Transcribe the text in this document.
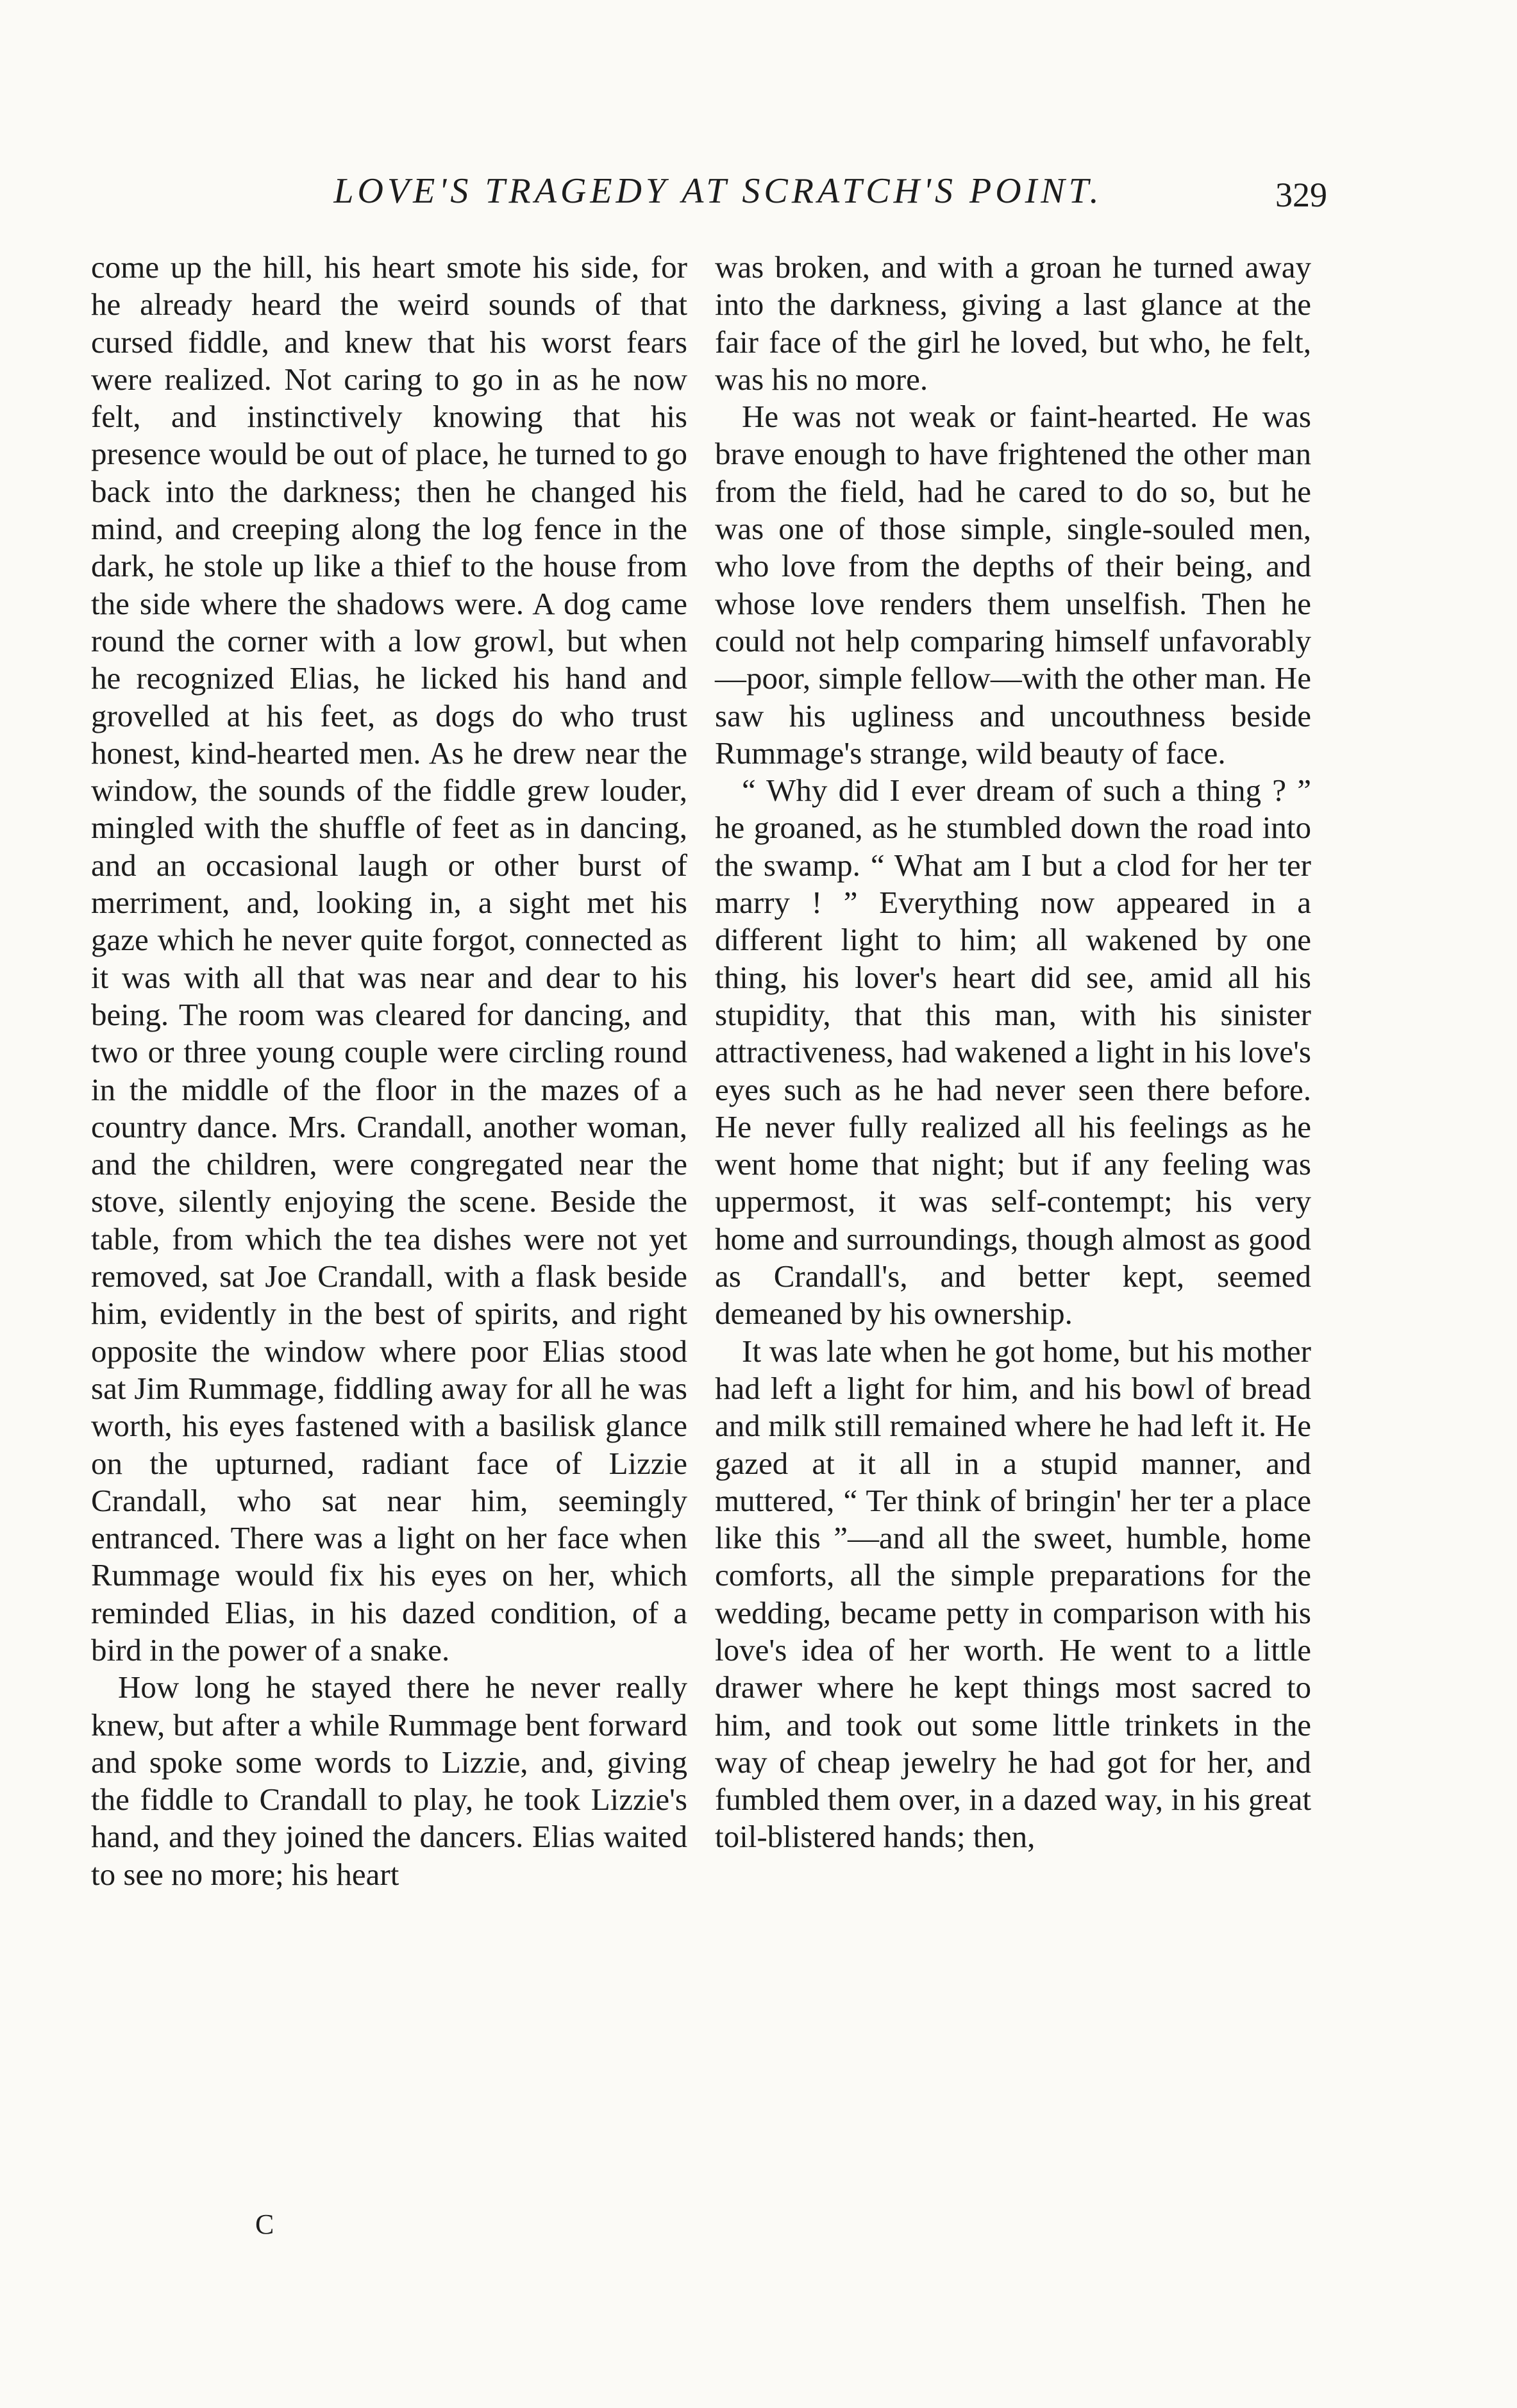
LOVE'S TRAGEDY AT SCRATCH'S POINT.	329

come up the hill, his heart smote his side, for he already heard the weird sounds of that cursed fiddle, and knew that his worst fears were realized. Not caring to go in as he now felt, and instinctively knowing that his presence would be out of place, he turned to go back into the darkness; then he changed his mind, and creeping along the log fence in the dark, he stole up like a thief to the house from the side where the shadows were. A dog came round the corner with a low growl, but when he recognized Elias, he licked his hand and grovelled at his feet, as dogs do who trust honest, kind-hearted men. As he drew near the window, the sounds of the fiddle grew louder, mingled with the shuffle of feet as in dancing, and an occasional laugh or other burst of merriment, and, looking in, a sight met his gaze which he never quite forgot, connected as it was with all that was near and dear to his being. The room was cleared for dancing, and two or three young couple were circling round in the middle of the floor in the mazes of a country dance. Mrs. Crandall, another woman, and the children, were congregated near the stove, silently enjoying the scene. Beside the table, from which the tea dishes were not yet removed, sat Joe Crandall, with a flask beside him, evidently in the best of spirits, and right opposite the window where poor Elias stood sat Jim Rummage, fiddling away for all he was worth, his eyes fastened with a basilisk glance on the upturned, radiant face of Lizzie Crandall, who sat near him, seemingly entranced. There was a light on her face when Rummage would fix his eyes on her, which reminded Elias, in his dazed condition, of a bird in the power of a snake.

How long he stayed there he never really knew, but after a while Rummage bent forward and spoke some words to Lizzie, and, giving the fiddle to Crandall to play, he took Lizzie's hand, and they joined the dancers. Elias waited to see no more; his heart

was broken, and with a groan he turned away into the darkness, giving a last glance at the fair face of the girl he loved, but who, he felt, was his no more.

He was not weak or faint-hearted. He was brave enough to have frightened the other man from the field, had he cared to do so, but he was one of those simple, single-souled men, who love from the depths of their being, and whose love renders them unselfish. Then he could not help comparing himself unfavorably—poor, simple fellow—with the other man. He saw his ugliness and uncouthness beside Rummage's strange, wild beauty of face.

“ Why did I ever dream of such a thing ? ” he groaned, as he stumbled down the road into the swamp. “ What am I but a clod for her ter marry ! ” Everything now appeared in a different light to him; all wakened by one thing, his lover's heart did see, amid all his stupidity, that this man, with his sinister attractiveness, had wakened a light in his love's eyes such as he had never seen there before. He never fully realized all his feelings as he went home that night; but if any feeling was uppermost, it was self-contempt; his very home and surroundings, though almost as good as Crandall's, and better kept, seemed demeaned by his ownership.

It was late when he got home, but his mother had left a light for him, and his bowl of bread and milk still remained where he had left it. He gazed at it all in a stupid manner, and muttered, “ Ter think of bringin' her ter a place like this ”—and all the sweet, humble, home comforts, all the simple preparations for the wedding, became petty in comparison with his love's idea of her worth. He went to a little drawer where he kept things most sacred to him, and took out some little trinkets in the way of cheap jewelry he had got for her, and fumbled them over, in a dazed way, in his great toil-blistered hands; then,

C
